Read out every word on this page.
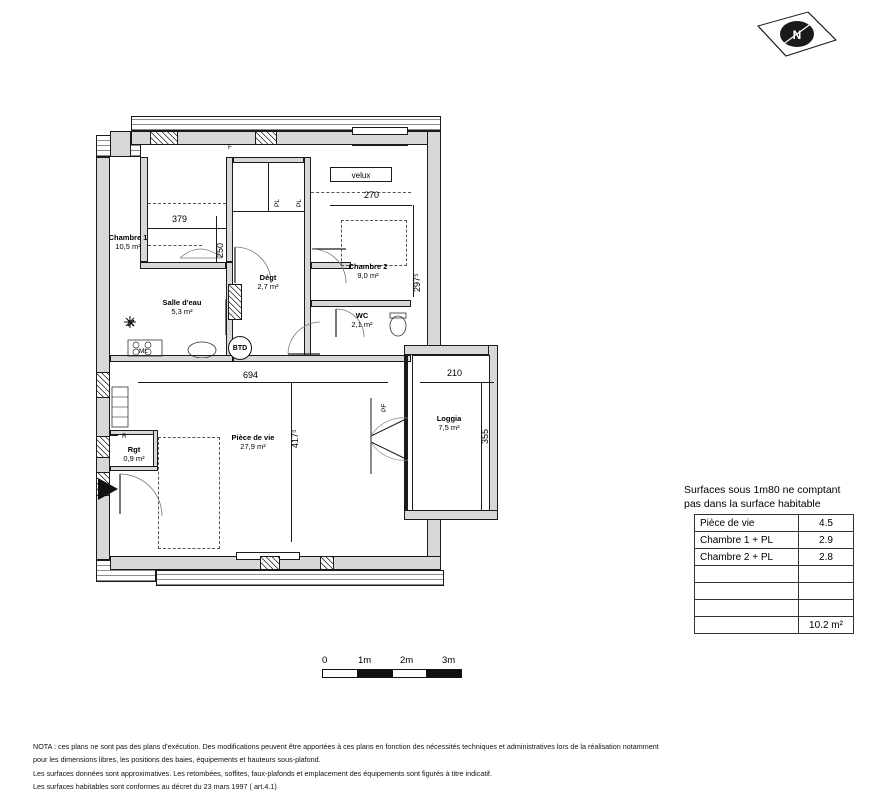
N
BTD
velux
379
250
270
297⁵
694
417⁵
210
355
F
PL PL
PF
ML
R
Chambre 1
10,5 m²
Dégt
2,7 m²
Chambre 2
9,0 m²
Salle d'eau
5,3 m²	WC
2,1 m²
Rgt
0,9 m²
Pièce de vie
27,9 m²
Loggia
7,5 m²
Surfaces sous 1m80 ne comptant
pas dans la surface habitable
Pièce de vie	4.5
Chambre 1 + PL	2.9
Chambre 2 + PL	2.8

	10.2 m²
0	1m	2m	3m
NOTA : ces plans ne sont pas des plans d'exécution. Des modifications peuvent être apportées à ces plans en fonction des nécessités techniques et administratives lors de la réalisation notamment
pour les dimensions libres, les positions des baies, équipements et hauteurs sous-plafond.
Les surfaces données sont approximatives. Les retombées, soffites, faux-plafonds et emplacement des équipements sont figurés à titre indicatif.
Les surfaces habitables sont conformes au décret du 23 mars 1997 ( art.4.1)
